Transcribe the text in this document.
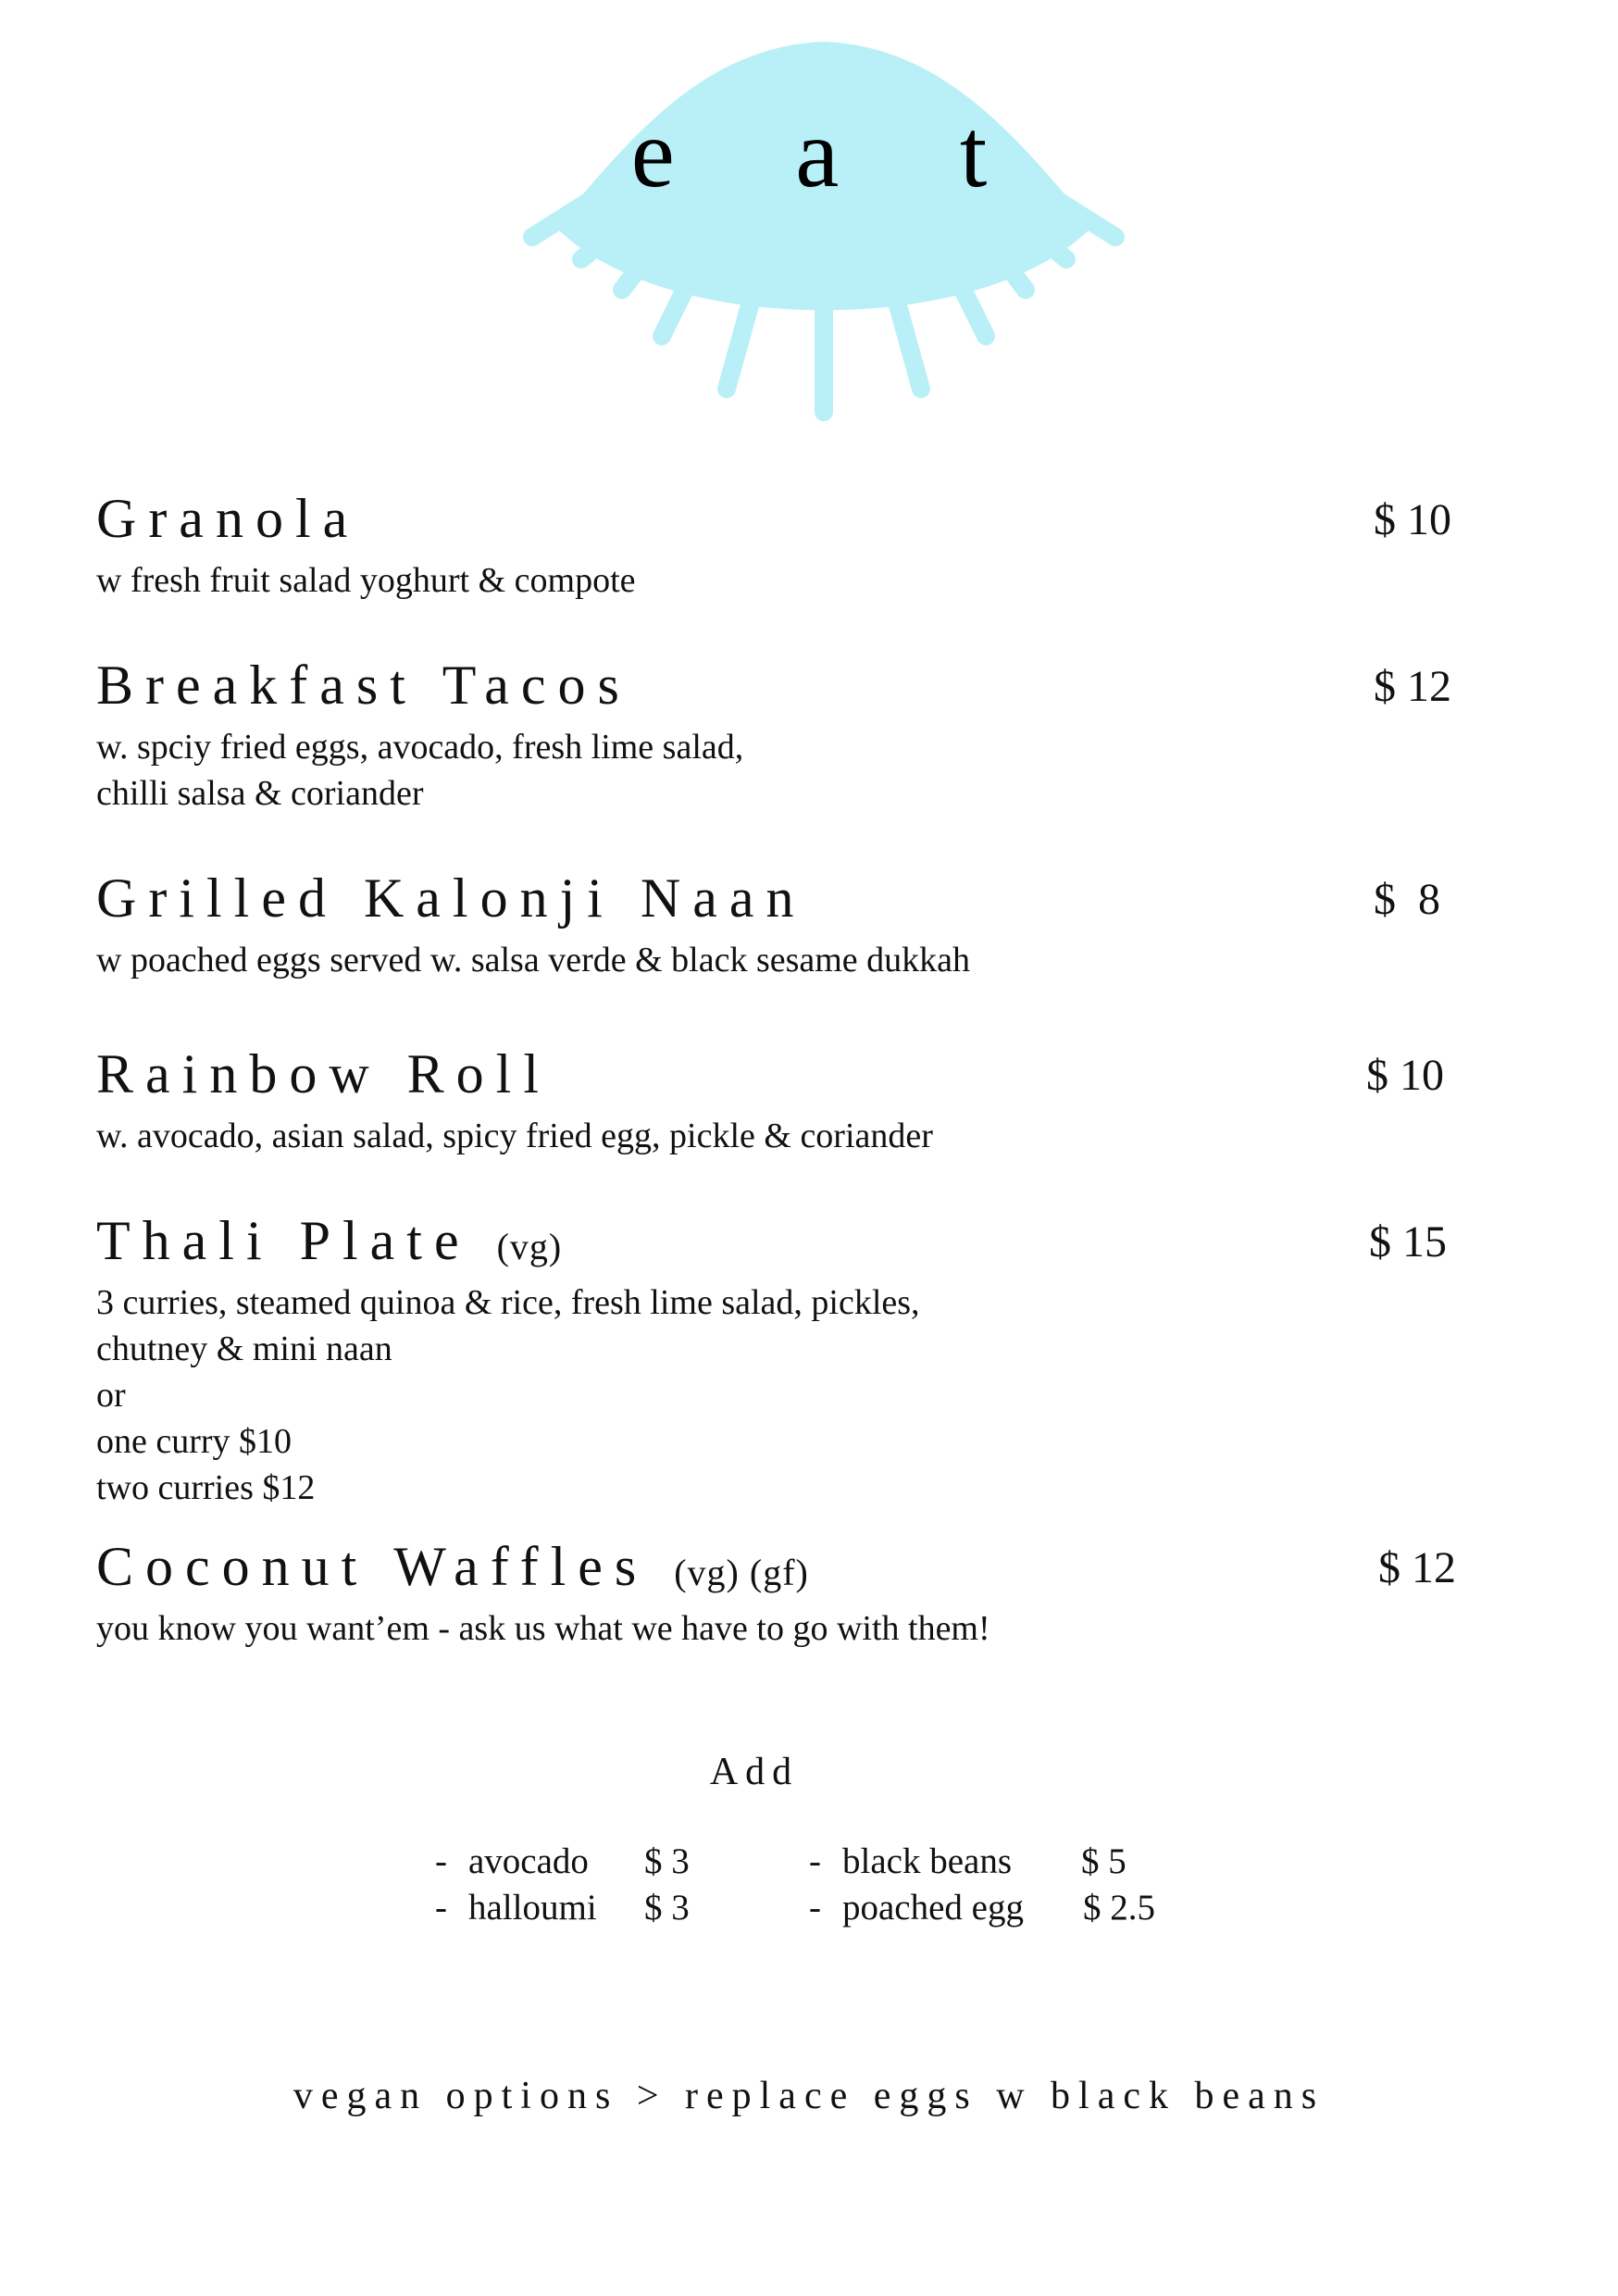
e a t
Granola	$ 10
w fresh fruit salad yoghurt & compote
Breakfast Tacos	$ 12
w. spciy fried eggs, avocado, fresh lime salad,
chilli salsa & coriander
Grilled Kalonji Naan	$  8
w poached eggs served w. salsa verde & black sesame dukkah
Rainbow Roll	$ 10
w. avocado, asian salad, spicy fried egg, pickle & coriander
Thali Plate (vg)	$ 15
3 curries, steamed quinoa & rice, fresh lime salad, pickles,
chutney & mini naan
or
one curry $10
two curries $12
Coconut Waffles (vg) (gf)	$ 12
you know you want’em - ask us what we have to go with them!
Add
- avocado $ 3
- halloumi $ 3
- black beans $ 5
- poached egg $ 2.5
vegan options > replace eggs w black beans
